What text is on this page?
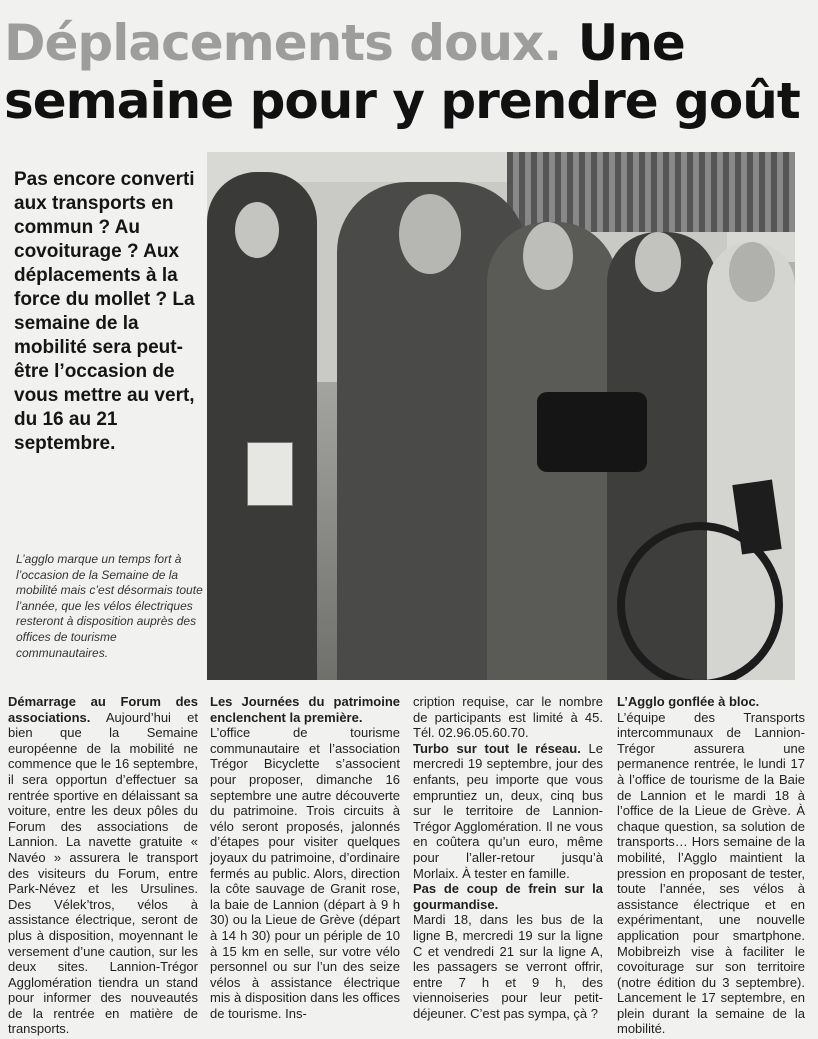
Déplacements doux. Une semaine pour y prendre goût

Pas encore converti aux transports en commun ? Au covoiturage ? Aux déplacements à la force du mollet ? La semaine de la mobilité sera peut-être l’occasion de vous mettre au vert, du 16 au 21 septembre.

L’agglo marque un temps fort à l’occasion de la Semaine de la mobilité mais c’est désormais toute l’année, que les vélos électriques resteront à disposition auprès des offices de tourisme communautaires.

Démarrage au Forum des associations. Aujourd’hui et bien que la Semaine européenne de la mobilité ne commence que le 16 septembre, il sera opportun d’effectuer sa rentrée sportive en délaissant sa voiture, entre les deux pôles du Forum des associations de Lannion. La navette gratuite « Navéo » assurera le transport des visiteurs du Forum, entre Park-Névez et les Ursulines. Des Vélek’tros, vélos à assistance électrique, seront de plus à disposition, moyennant le versement d’une caution, sur les deux sites. Lannion-Trégor Agglomération tiendra un stand pour informer des nouveautés de la rentrée en matière de transports.
Les Journées du patrimoine enclenchent la première.
L’office de tourisme communautaire et l’association Trégor Bicyclette s’associent pour proposer, dimanche 16 septembre une autre découverte du patrimoine. Trois circuits à vélo seront proposés, jalonnés d’étapes pour visiter quelques joyaux du patrimoine, d’ordinaire fermés au public. Alors, direction la côte sauvage de Granit rose, la baie de Lannion (départ à 9 h 30) ou la Lieue de Grève (départ à 14 h 30) pour un périple de 10 à 15 km en selle, sur votre vélo personnel ou sur l’un des seize vélos à assistance électrique mis à disposition dans les offices de tourisme. Ins-
cription requise, car le nombre de participants est limité à 45. Tél. 02.96.05.60.70.
Turbo sur tout le réseau. Le mercredi 19 septembre, jour des enfants, peu importe que vous empruntiez un, deux, cinq bus sur le territoire de Lannion-Trégor Agglomération. Il ne vous en coûtera qu’un euro, même pour l’aller-retour jusqu’à Morlaix. À tester en famille.
Pas de coup de frein sur la gourmandise.
Mardi 18, dans les bus de la ligne B, mercredi 19 sur la ligne C et vendredi 21 sur la ligne A, les passagers se verront offrir, entre 7 h et 9 h, des viennoiseries pour leur petit-déjeuner. C’est pas sympa, çà ?
L’Agglo gonflée à bloc.
L’équipe des Transports intercommunaux de Lannion-Trégor assurera une permanence rentrée, le lundi 17 à l’office de tourisme de la Baie de Lannion et le mardi 18 à l’office de la Lieue de Grève. À chaque question, sa solution de transports… Hors semaine de la mobilité, l’Agglo maintient la pression en proposant de tester, toute l’année, ses vélos à assistance électrique et en expérimentant, une nouvelle application pour smartphone. Mobibreizh vise à faciliter le covoiturage sur son territoire (notre édition du 3 septembre). Lancement le 17 septembre, en plein durant la semaine de la mobilité.
